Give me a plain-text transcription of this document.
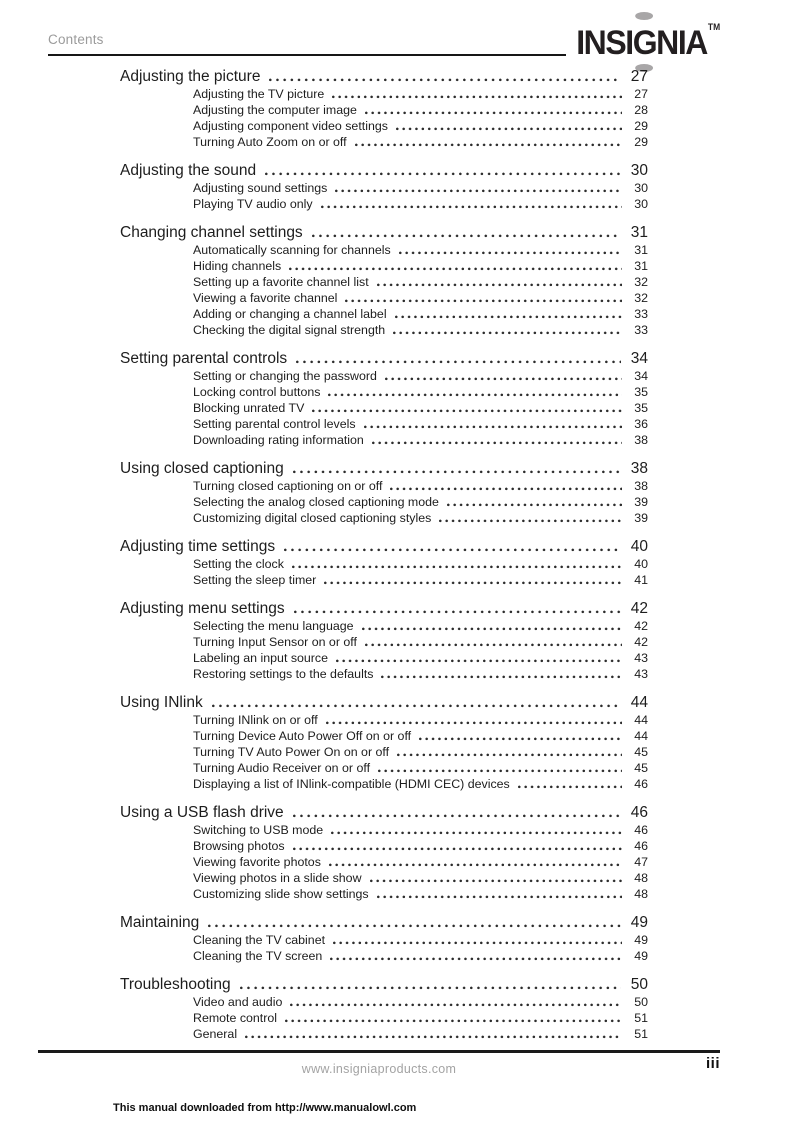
Contents	INSIG
NIATM
Adjusting the picture	27
Adjusting the TV picture	27
Adjusting the computer image	28
Adjusting component video settings	29
Turning Auto Zoom on or off	29
Adjusting the sound	30
Adjusting sound settings	30
Playing TV audio only	30
Changing channel settings	31
Automatically scanning for channels	31
Hiding channels	31
Setting up a favorite channel list	32
Viewing a favorite channel	32
Adding or changing a channel label	33
Checking the digital signal strength	33
Setting parental controls	34
Setting or changing the password	34
Locking control buttons	35
Blocking unrated TV	35
Setting parental control levels	36
Downloading rating information	38
Using closed captioning	38
Turning closed captioning on or off	38
Selecting the analog closed captioning mode	39
Customizing digital closed captioning styles	39
Adjusting time settings	40
Setting the clock	40
Setting the sleep timer	41
Adjusting menu settings	42
Selecting the menu language	42
Turning Input Sensor on or off	42
Labeling an input source	43
Restoring settings to the defaults	43
Using INlink	44
Turning INlink on or off	44
Turning Device Auto Power Off on or off	44
Turning TV Auto Power On on or off	45
Turning Audio Receiver on or off	45
Displaying a list of INlink-compatible (HDMI CEC) devices	46
Using a USB flash drive	46
Switching to USB mode	46
Browsing photos	46
Viewing favorite photos	47
Viewing photos in a slide show	48
Customizing slide show settings	48
Maintaining	49
Cleaning the TV cabinet	49
Cleaning the TV screen	49
Troubleshooting	50
Video and audio	50
Remote control	51
General	51
www.insigniaproducts.com	iii
This manual downloaded from http://www.manualowl.com
